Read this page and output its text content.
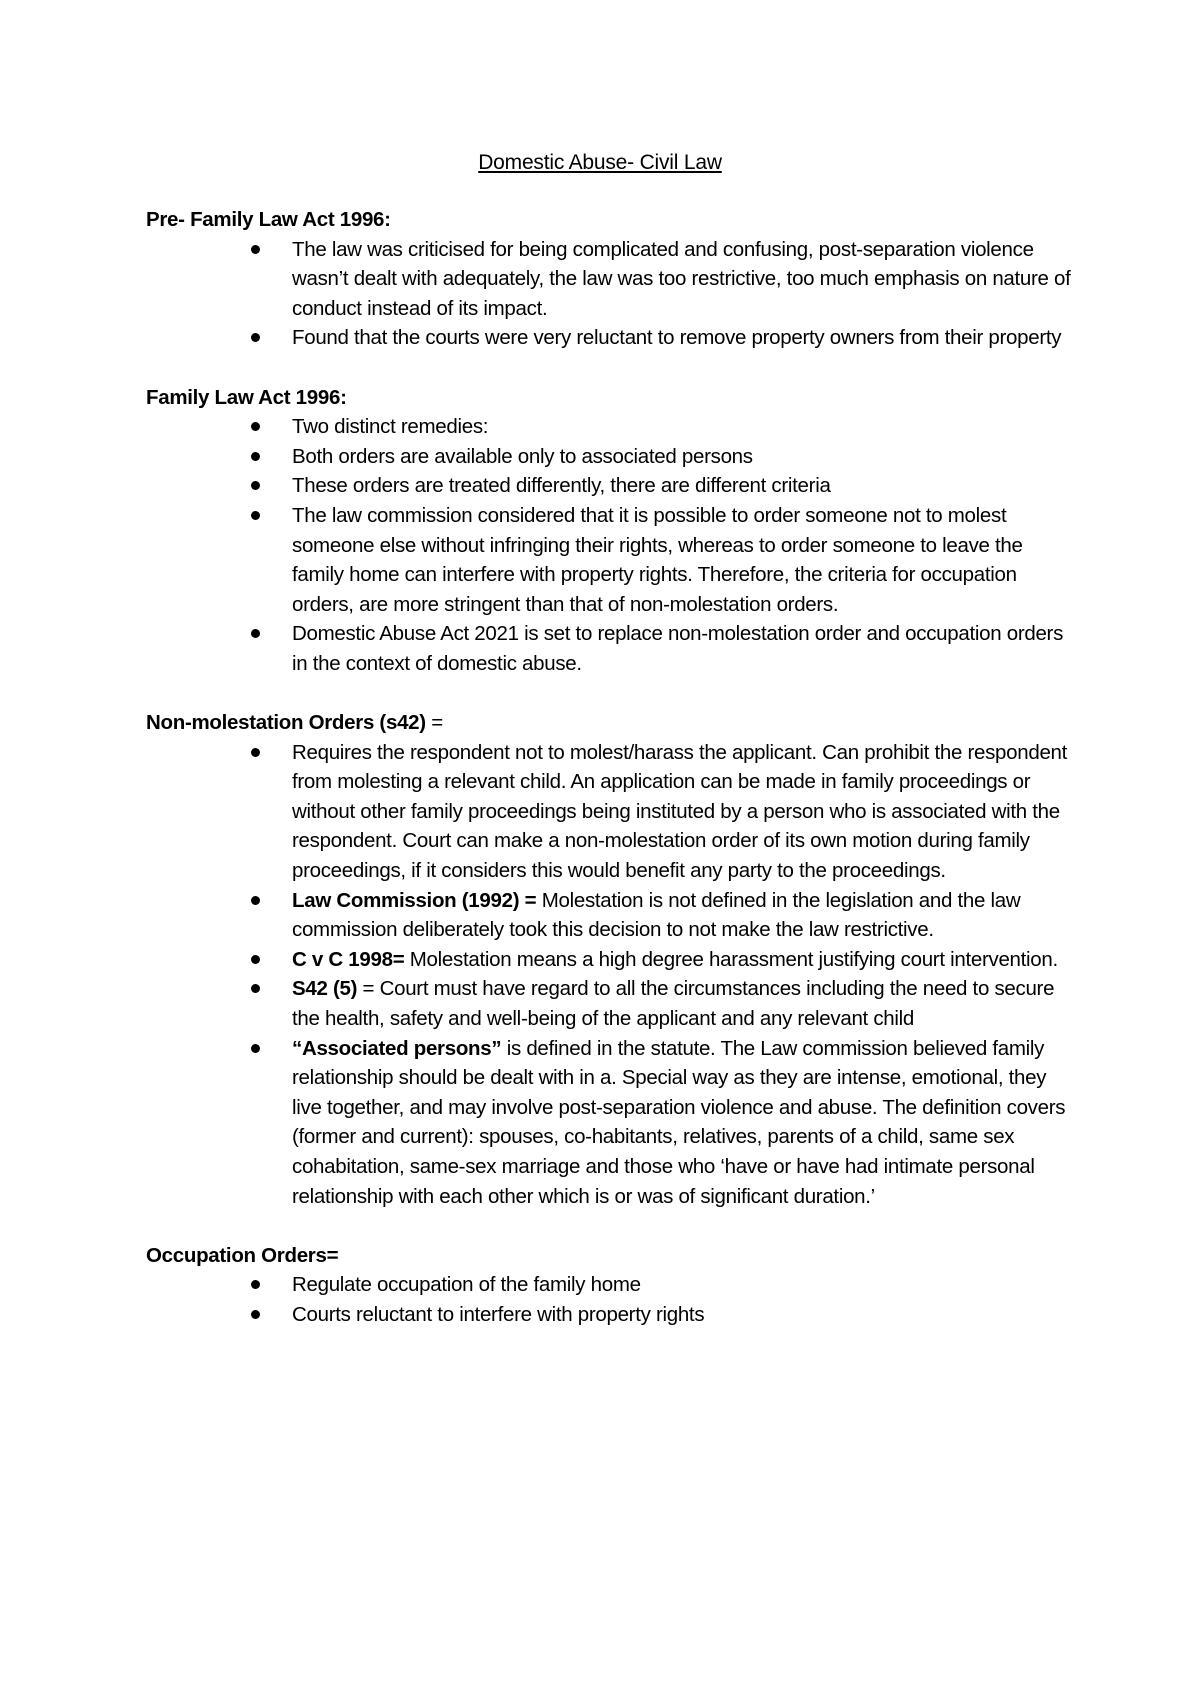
Domestic Abuse- Civil Law

Pre- Family Law Act 1996:

The law was criticised for being complicated and confusing, post-separation violence wasn’t dealt with adequately, the law was too restrictive, too much emphasis on nature of conduct instead of its impact.
Found that the courts were very reluctant to remove property owners from their property

Family Law Act 1996:

Two distinct remedies:
Both orders are available only to associated persons
These orders are treated differently, there are different criteria
The law commission considered that it is possible to order someone not to molest someone else without infringing their rights, whereas to order someone to leave the family home can interfere with property rights. Therefore, the criteria for occupation orders, are more stringent than that of non-molestation orders.
Domestic Abuse Act 2021 is set to replace non-molestation order and occupation orders in the context of domestic abuse.

Non-molestation Orders (s42) =

Requires the respondent not to molest/harass the applicant. Can prohibit the respondent from molesting a relevant child. An application can be made in family proceedings or without other family proceedings being instituted by a person who is associated with the respondent. Court can make a non-molestation order of its own motion during family proceedings, if it considers this would benefit any party to the proceedings.
Law Commission (1992) = Molestation is not defined in the legislation and the law commission deliberately took this decision to not make the law restrictive.
C v C 1998= Molestation means a high degree harassment justifying court intervention.
S42 (5) = Court must have regard to all the circumstances including the need to secure the health, safety and well-being of the applicant and any relevant child
“Associated persons” is defined in the statute. The Law commission believed family relationship should be dealt with in a. Special way as they are intense, emotional, they live together, and may involve post-separation violence and abuse. The definition covers (former and current): spouses, co-habitants, relatives, parents of a child, same sex cohabitation, same-sex marriage and those who ‘have or have had intimate personal relationship with each other which is or was of significant duration.’

Occupation Orders=

Regulate occupation of the family home
Courts reluctant to interfere with property rights
